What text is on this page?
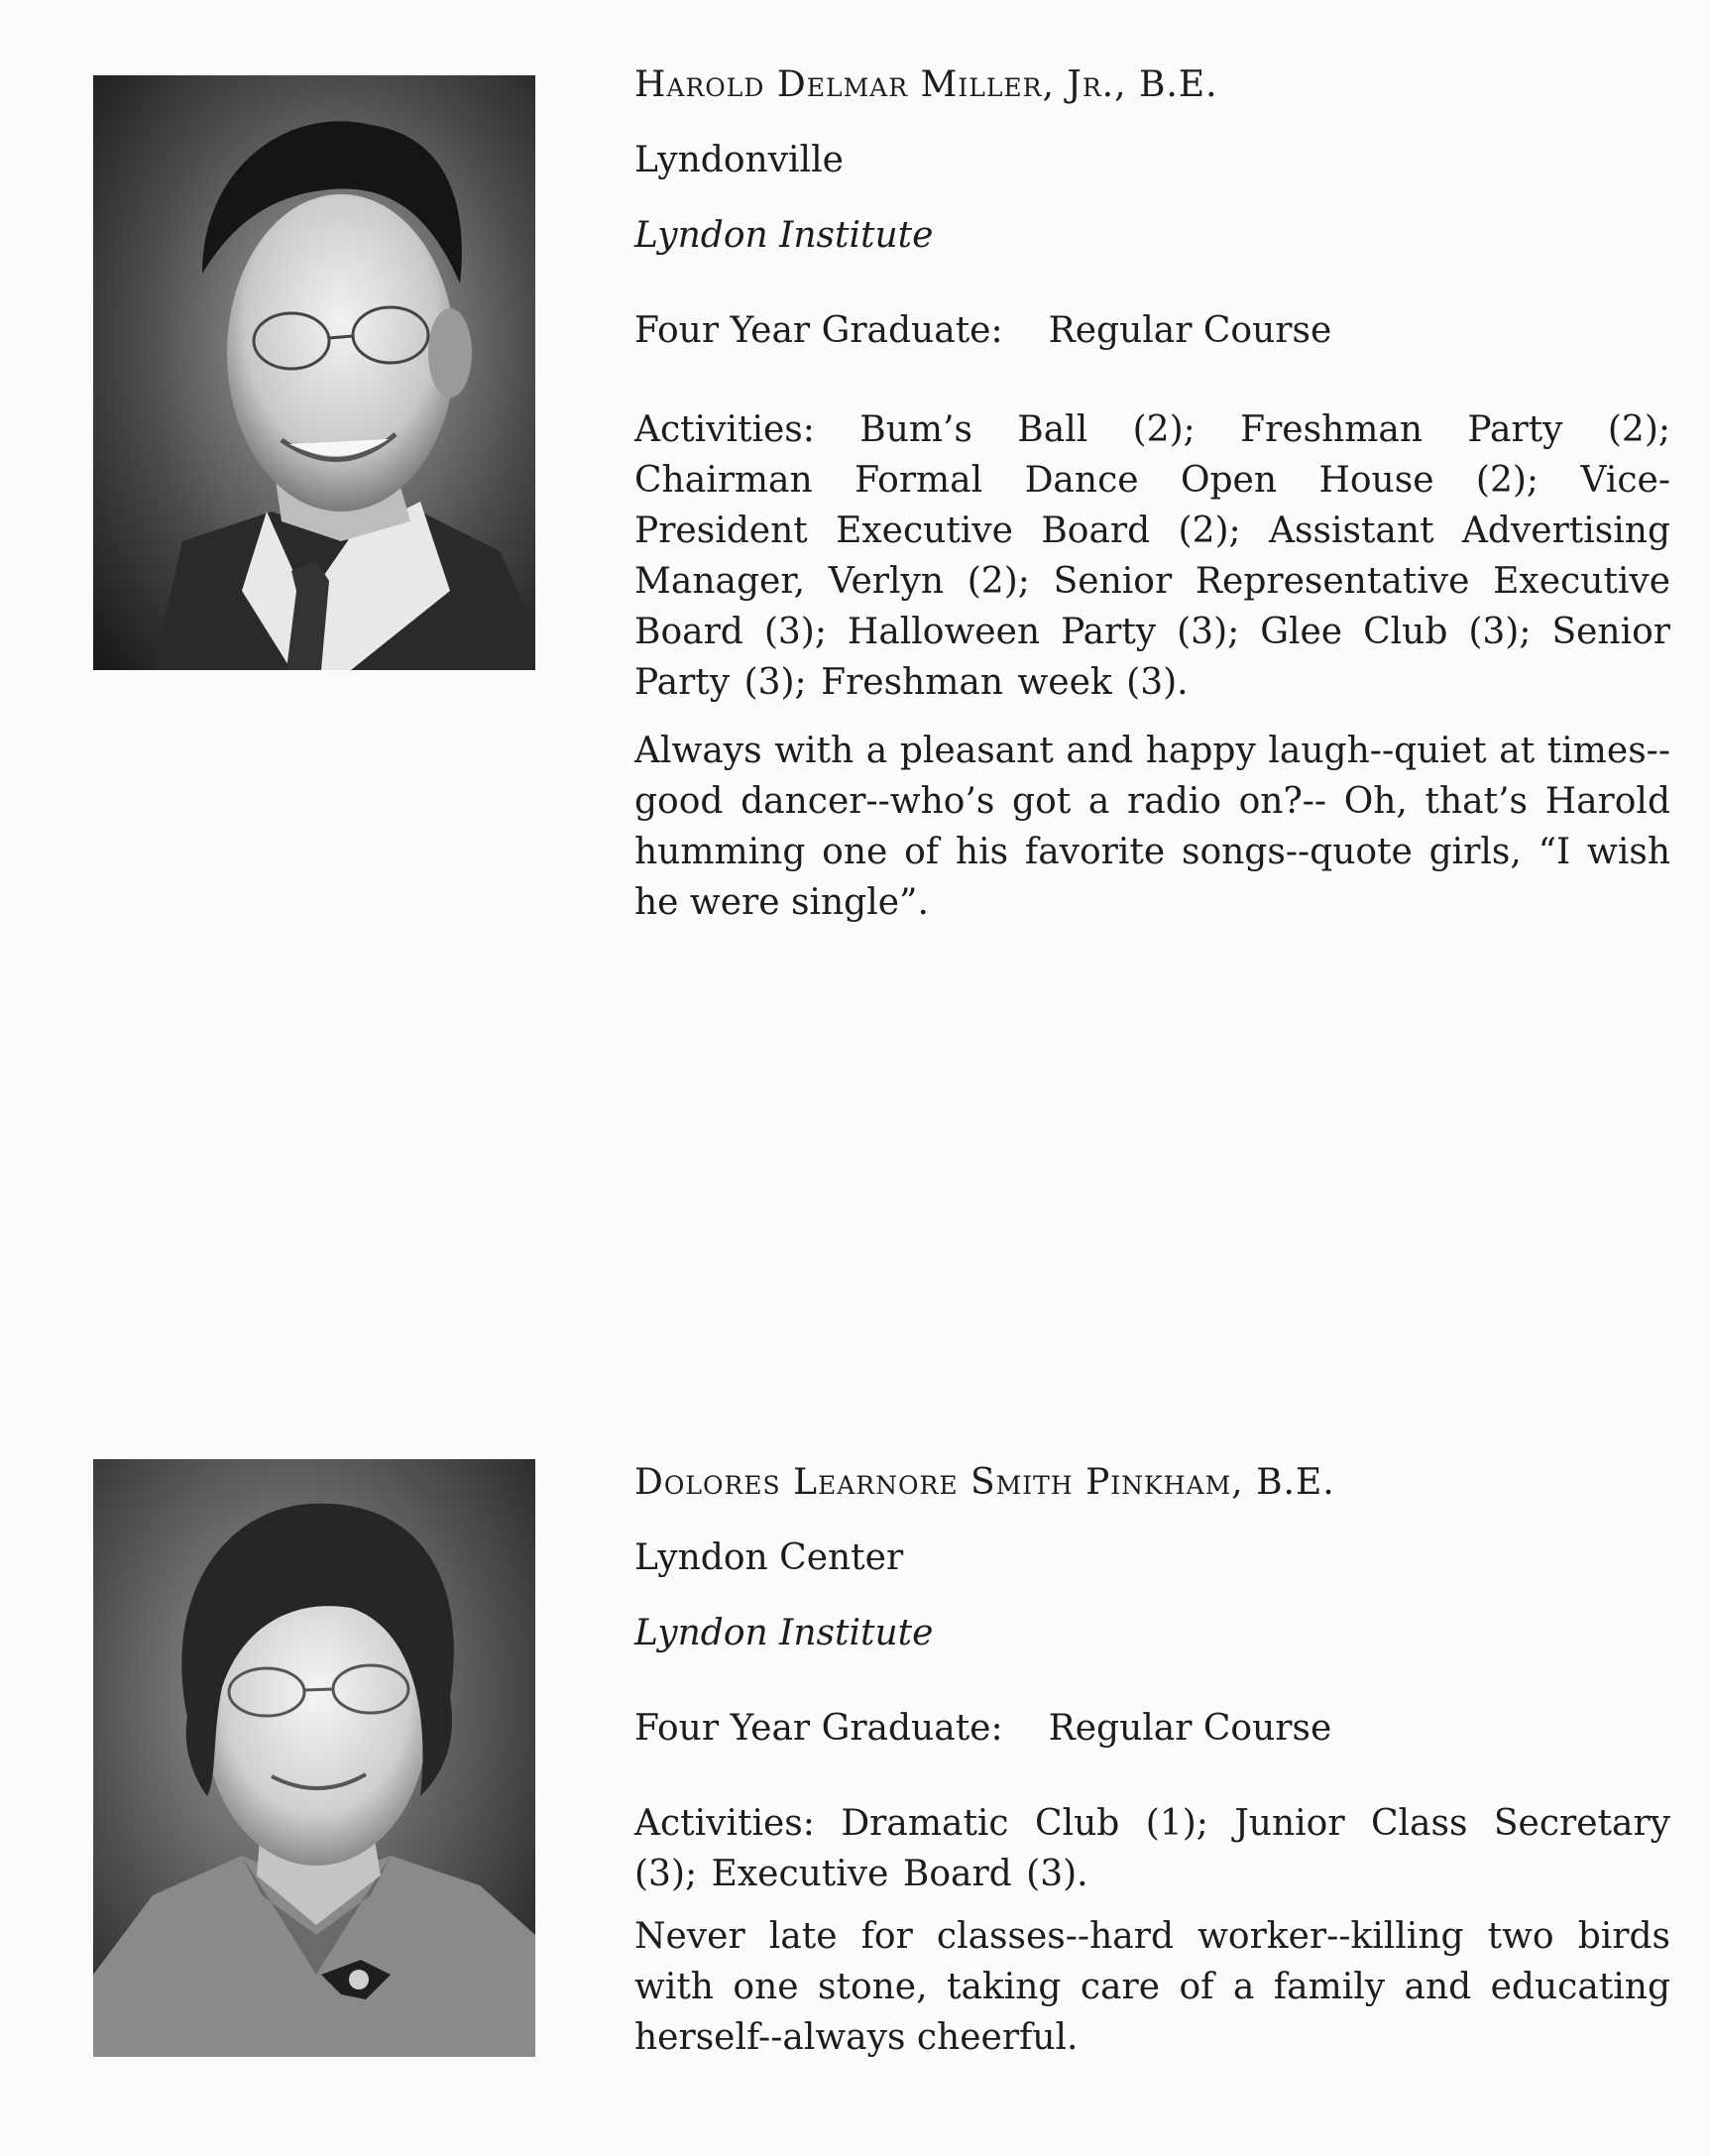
Harold Delmar Miller, Jr., B.E.

Lyndonville

Lyndon Institute

Four Year Graduate: Regular Course

Activities: Bum’s Ball (2); Freshman Party (2); Chairman Formal Dance Open House (2); Vice-President Executive Board (2); Assistant Advertising Manager, Verlyn (2); Senior Representative Executive Board (3); Halloween Party (3); Glee Club (3); Senior Party (3); Freshman week (3).

Always with a pleasant and happy laugh--quiet at times--good dancer--who’s got a radio on?-- Oh, that’s Harold humming one of his favorite songs--quote girls, “I wish he were single”.

Dolores Learnore Smith Pinkham, B.E.

Lyndon Center

Lyndon Institute

Four Year Graduate: Regular Course

Activities: Dramatic Club (1); Junior Class Secretary (3); Executive Board (3).

Never late for classes--hard worker--killing two birds with one stone, taking care of a family and educating herself--always cheerful.
